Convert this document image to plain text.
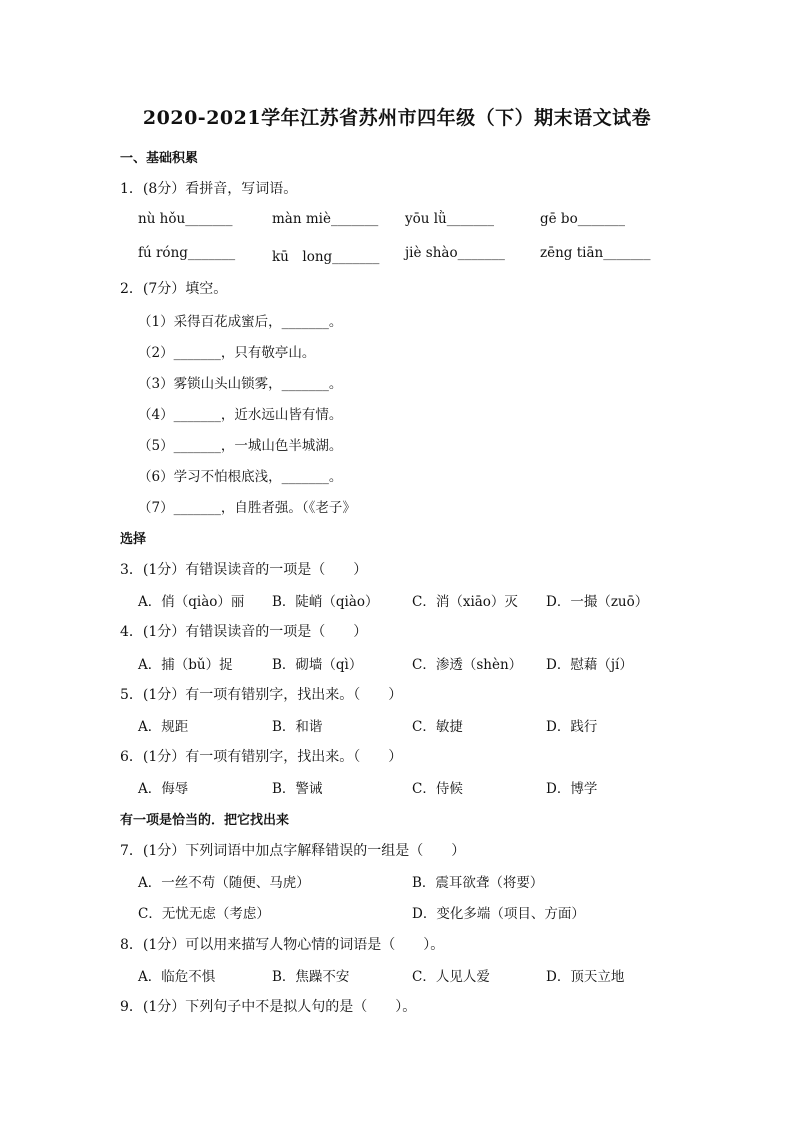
2020-2021学年江苏省苏州市四年级（下）期末语文试卷
一、基础积累
1．(8分）看拼音，写词语。
nù hǒu_______	màn miè_______ yōu lǜ_______	gē bo_______
fú róng_______	kū　long_______ jiè shào_______	zēng tiān_______
2．(7分）填空。
（1）采得百花成蜜后，_______。
（2）_______，只有敬亭山。
（3）雾锁山头山锁雾，_______。
（4）_______，近水远山皆有情。
（5）_______，一城山色半城湖。
（6）学习不怕根底浅，_______。
（7）_______，自胜者强。（《老子》
选择
3．(1分）有错误读音的一项是（　　）
A．俏（qiào）丽 B．陡峭（qiào） C．消（xiāo）灭 D．一撮（zuō）
4．(1分）有错误读音的一项是（　　）
A．捕（bǔ）捉	B．砌墙（qì）	C．渗透（shèn） D．慰藉（jí）
5．(1分）有一项有错别字，找出来。（　　）
A．规距	B．和谐	C．敏捷	D．践行
6．(1分）有一项有错别字，找出来。（　　）
A．侮辱	B．警诫	C．侍候	D．博学
有一项是恰当的．把它找出来
7．(1分）下列词语中加点字解释错误的一组是（　　）
A．一丝不苟（随便、马虎）	B．震耳欲聋（将要）
C．无忧无虑（考虑）	D．变化多端（项目、方面）
8．(1分）可以用来描写人物心情的词语是（　　）。
A．临危不惧	B．焦躁不安	C．人见人爱	D．顶天立地
9．(1分）下列句子中不是拟人句的是（　　）。
